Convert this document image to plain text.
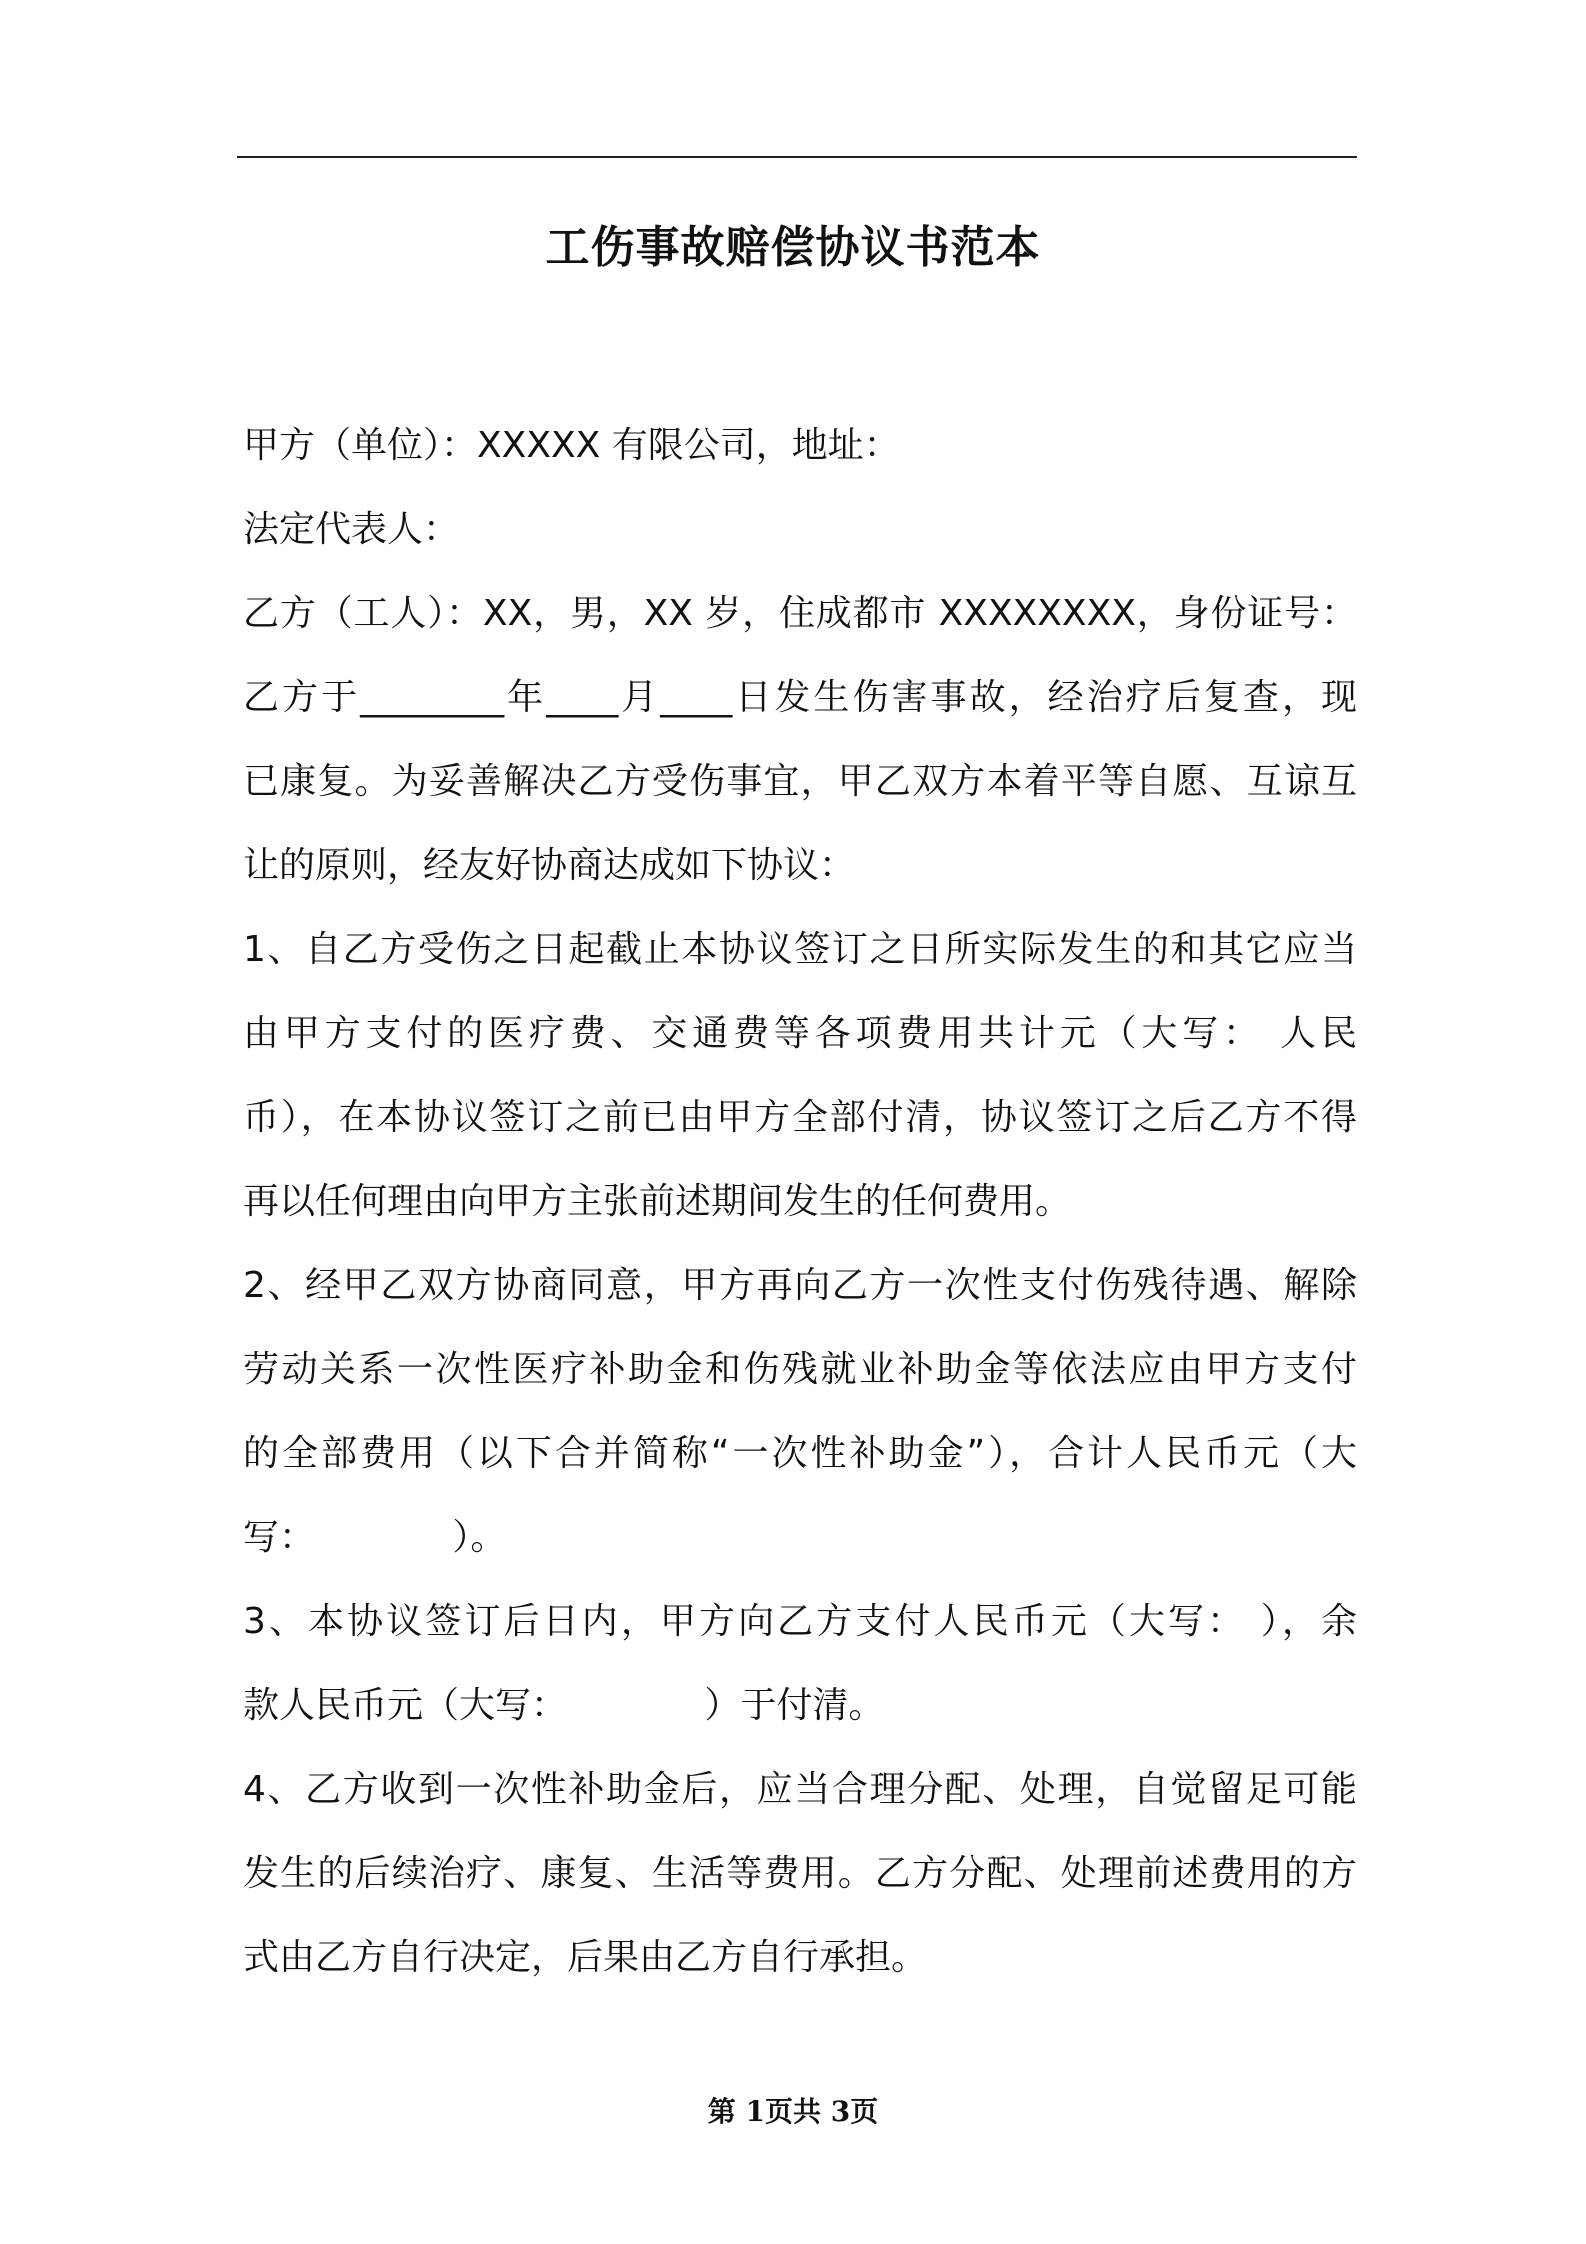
工伤事故赔偿协议书范本
甲方（单位）：XXXXX 有限公司，地址：
法定代表人：
乙方（工人）：XX，男，XX 岁，住成都市 XXXXXXXX，身份证号：
乙方于________年____月____日发生伤害事故，经治疗后复查，现
已康复。为妥善解决乙方受伤事宜，甲乙双方本着平等自愿、互谅互
让的原则，经友好协商达成如下协议：
1、自乙方受伤之日起截止本协议签订之日所实际发生的和其它应当
由甲方支付的医疗费、交通费等各项费用共计元（大写： 人民
币），在本协议签订之前已由甲方全部付清，协议签订之后乙方不得
再以任何理由向甲方主张前述期间发生的任何费用。
2、经甲乙双方协商同意，甲方再向乙方一次性支付伤残待遇、解除
劳动关系一次性医疗补助金和伤残就业补助金等依法应由甲方支付
的全部费用（以下合并简称“一次性补助金”），合计人民币元（大
写：            ）。
3、本协议签订后日内，甲方向乙方支付人民币元（大写： ），余
款人民币元（大写：            ）于付清。
4、乙方收到一次性补助金后，应当合理分配、处理，自觉留足可能
发生的后续治疗、康复、生活等费用。乙方分配、处理前述费用的方
式由乙方自行决定，后果由乙方自行承担。
第 1页共 3页
